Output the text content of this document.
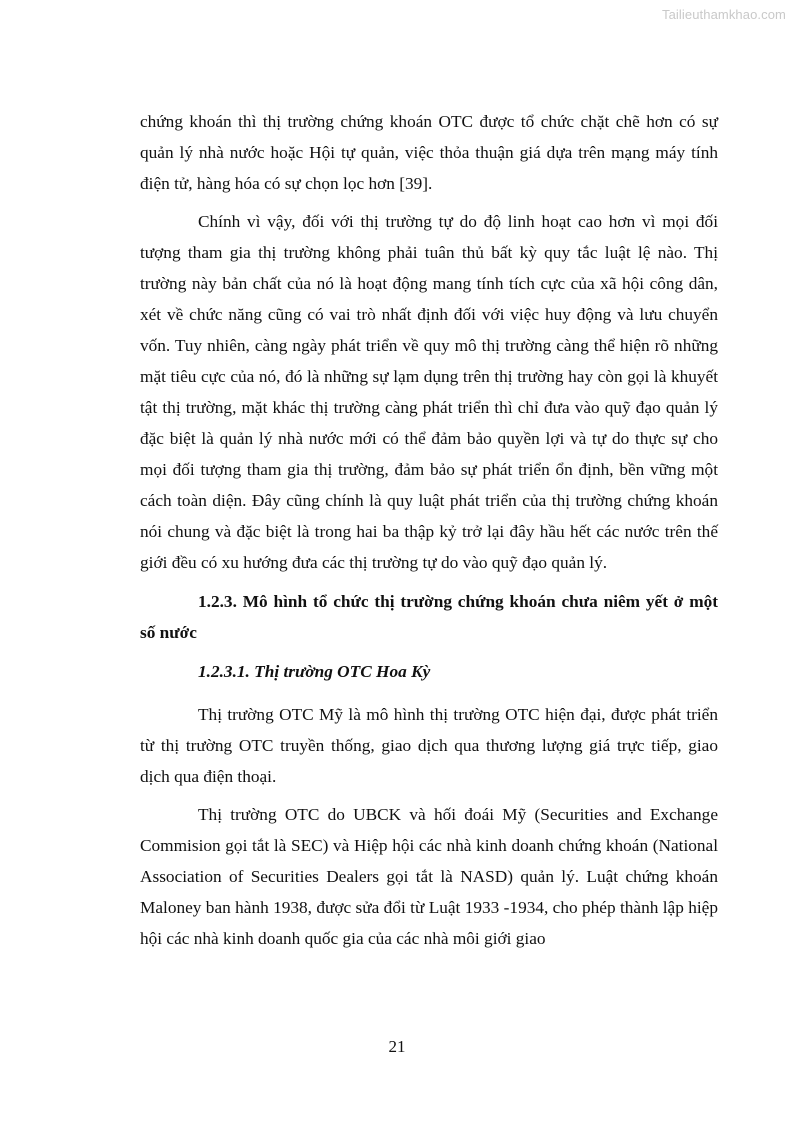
Tailieuthamkhao.com

chứng khoán thì thị trường chứng khoán OTC được tổ chức chặt chẽ hơn có sự quản lý nhà nước hoặc Hội tự quản, việc thỏa thuận giá dựa trên mạng máy tính điện tử, hàng hóa có sự chọn lọc hơn [39].

Chính vì vậy, đối với thị trường tự do độ linh hoạt cao hơn vì mọi đối tượng tham gia thị trường không phải tuân thủ bất kỳ quy tắc luật lệ nào. Thị trường này bản chất của nó là hoạt động mang tính tích cực của xã hội công dân, xét về chức năng cũng có vai trò nhất định đối với việc huy động và lưu chuyển vốn. Tuy nhiên, càng ngày phát triển về quy mô thị trường càng thể hiện rõ những mặt tiêu cực của nó, đó là những sự lạm dụng trên thị trường hay còn gọi là khuyết tật thị trường, mặt khác thị trường càng phát triển thì chỉ đưa vào quỹ đạo quản lý đặc biệt là quản lý nhà nước mới có thể đảm bảo quyền lợi và tự do thực sự cho mọi đối tượng tham gia thị trường, đảm bảo sự phát triển ổn định, bền vững một cách toàn diện. Đây cũng chính là quy luật phát triển của thị trường chứng khoán nói chung và đặc biệt là trong hai ba thập kỷ trở lại đây hầu hết các nước trên thế giới đều có xu hướng đưa các thị trường tự do vào quỹ đạo quản lý.

1.2.3. Mô hình tổ chức thị trường chứng khoán chưa niêm yết ở một số nước

1.2.3.1. Thị trường OTC Hoa Kỳ

Thị trường OTC Mỹ là mô hình thị trường OTC hiện đại, được phát triển từ thị trường OTC truyền thống, giao dịch qua thương lượng giá trực tiếp, giao dịch qua điện thoại.

Thị trường OTC do UBCK và hối đoái Mỹ (Securities and Exchange Commision gọi tắt là SEC) và Hiệp hội các nhà kinh doanh chứng khoán (National Association of Securities Dealers gọi tắt là NASD) quản lý. Luật chứng khoán Maloney ban hành 1938, được sửa đổi từ Luật 1933 -1934, cho phép thành lập hiệp hội các nhà kinh doanh quốc gia của các nhà môi giới giao

21
